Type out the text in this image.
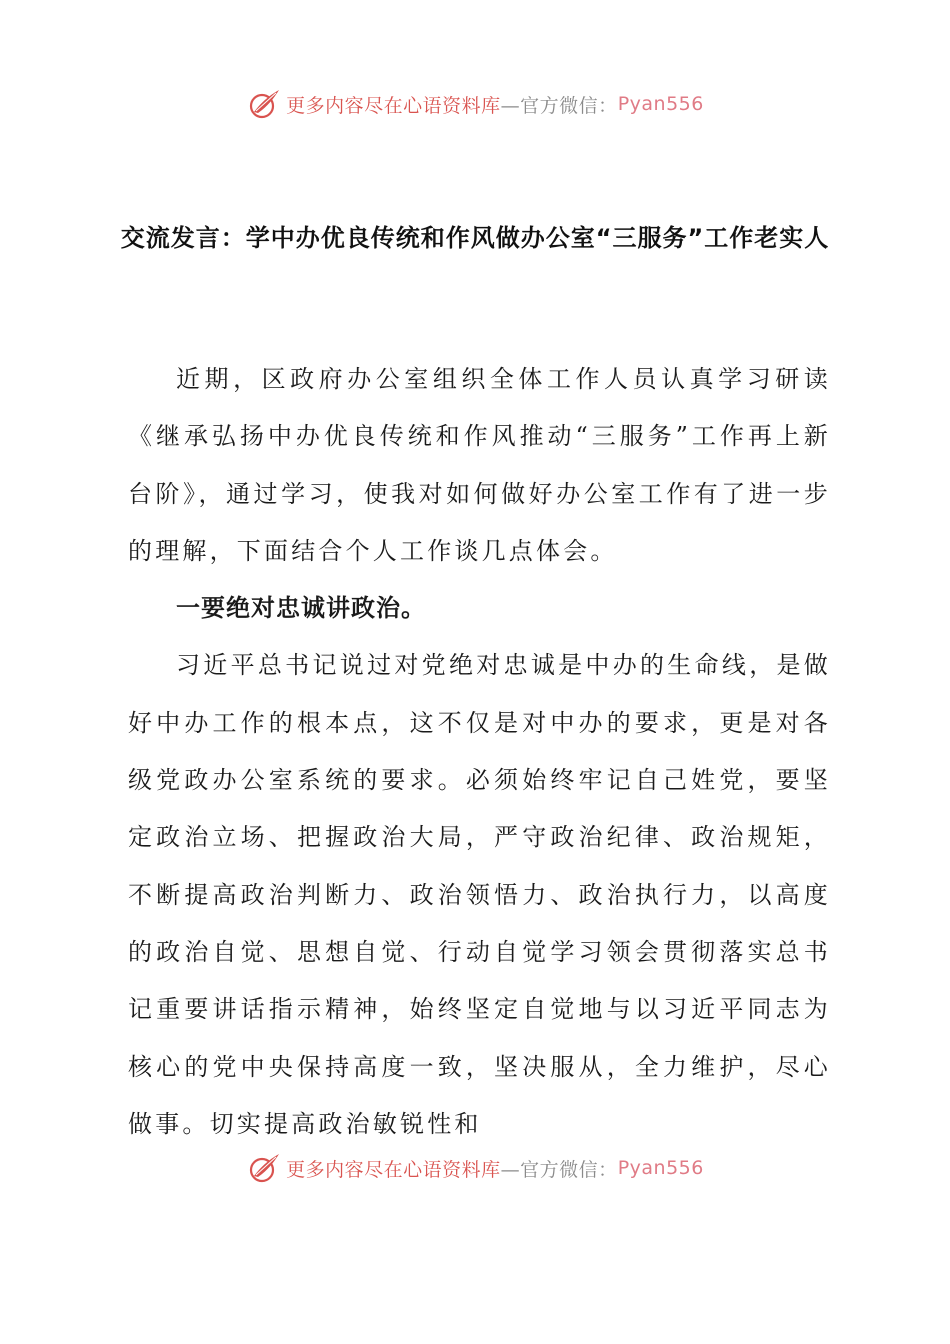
更多内容尽在心语资料库 —官方微信： Pyan556
交流发言：学中办优良传统和作风做办公室“三服务”工作老实人

近期，区政府办公室组织全体工作人员认真学习研读《继承弘扬中办优良传统和作风推动“三服务”工作再上新台阶》，通过学习，使我对如何做好办公室工作有了进一步的理解，下面结合个人工作谈几点体会。

一要绝对忠诚讲政治。

习近平总书记说过对党绝对忠诚是中办的生命线，是做好中办工作的根本点，这不仅是对中办的要求，更是对各级党政办公室系统的要求。必须始终牢记自己姓党，要坚定政治立场、把握政治大局，严守政治纪律、政治规矩，不断提高政治判断力、政治领悟力、政治执行力，以高度的政治自觉、思想自觉、行动自觉学习领会贯彻落实总书记重要讲话指示精神，始终坚定自觉地与以习近平同志为核心的党中央保持高度一致，坚决服从，全力维护，尽心做事。切实提高政治敏锐性和

更多内容尽在心语资料库 —官方微信： Pyan556
